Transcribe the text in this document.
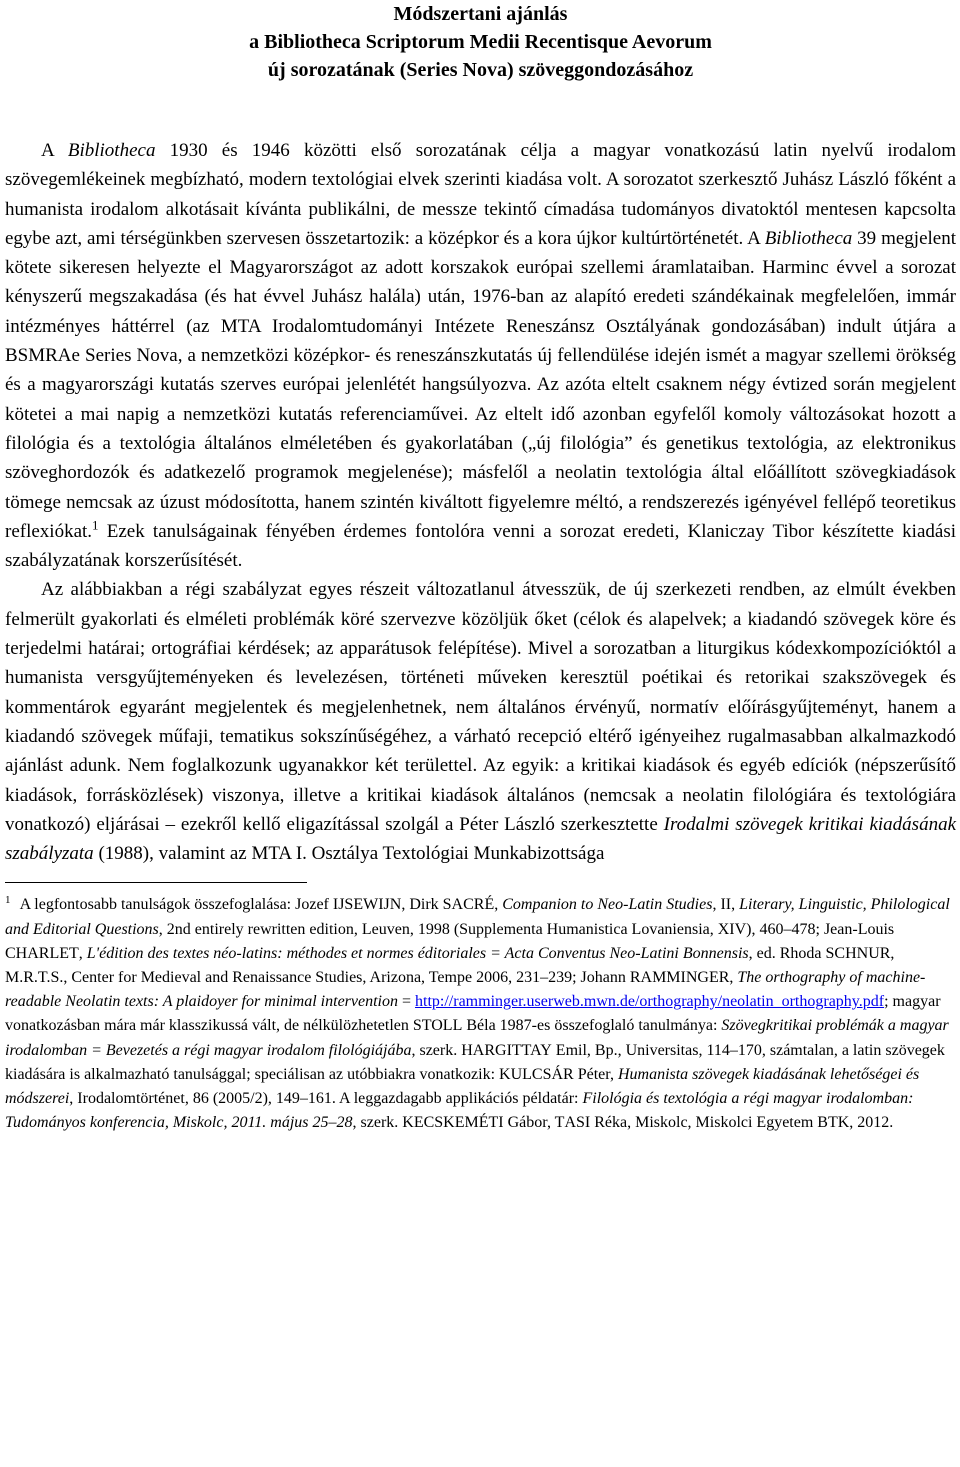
Módszertani ajánlás

a Bibliotheca Scriptorum Medii Recentisque Aevorum

új sorozatának (Series Nova) szöveggondozásához

A Bibliotheca 1930 és 1946 közötti első sorozatának célja a magyar vonatkozású latin nyelvű irodalom szövegemlékeinek megbízható, modern textológiai elvek szerinti kiadása volt. A sorozatot szerkesztő Juhász László főként a humanista irodalom alkotásait kívánta publikálni, de messze tekintő címadása tudományos divatoktól mentesen kapcsolta egybe azt, ami térségünkben szervesen összetartozik: a középkor és a kora újkor kultúrtörténetét. A Bibliotheca 39 megjelent kötete sikeresen helyezte el Magyarországot az adott korszakok európai szellemi áramlataiban. Harminc évvel a sorozat kényszerű megszakadása (és hat évvel Juhász halála) után, 1976-ban az alapító eredeti szándékainak megfelelően, immár intézményes háttérrel (az MTA Irodalomtudományi Intézete Reneszánsz Osztályának gondozásában) indult útjára a BSMRAe Series Nova, a nemzetközi középkor- és reneszánszkutatás új fellendülése idején ismét a magyar szellemi örökség és a magyarországi kutatás szerves európai jelenlétét hangsúlyozva. Az azóta eltelt csaknem négy évtized során megjelent kötetei a mai napig a nemzetközi kutatás referenciaművei. Az eltelt idő azonban egyfelől komoly változásokat hozott a filológia és a textológia általános elméletében és gyakorlatában („új filológia” és genetikus textológia, az elektronikus szöveghordozók és adatkezelő programok megjelenése); másfelől a neolatin textológia által előállított szövegkiadások tömege nemcsak az úzust módosította, hanem szintén kiváltott figyelemre méltó, a rendszerezés igényével fellépő teoretikus reflexiókat.$^1$ Ezek tanulságainak fényében érdemes fontolóra venni a sorozat eredeti, Klaniczay Tibor készítette kiadási szabályzatának korszerűsítését.

Az alábbiakban a régi szabályzat egyes részeit változatlanul átvesszük, de új szerkezeti rendben, az elmúlt években felmerült gyakorlati és elméleti problémák köré szervezve közöljük őket (célok és alapelvek; a kiadandó szövegek köre és terjedelmi határai; ortográfiai kérdések; az apparátusok felépítése). Mivel a sorozatban a liturgikus kódexkompozícióktól a humanista versgyűjteményeken és levelezésen, történeti műveken keresztül poétikai és retorikai szakszövegek és kommentárok egyaránt megjelentek és megjelenhetnek, nem általános érvényű, normatív előírásgyűjteményt, hanem a kiadandó szövegek műfaji, tematikus sokszínűségéhez, a várható recepció eltérő igényeihez rugalmasabban alkalmazkodó ajánlást adunk. Nem foglalkozunk ugyanakkor két területtel. Az egyik: a kritikai kiadások és egyéb edíciók (népszerűsítő kiadások, forrásközlések) viszonya, illetve a kritikai kiadások általános (nemcsak a neolatin filológiára és textológiára vonatkozó) eljárásai – ezekről kellő eligazítással szolgál a Péter László szerkesztette Irodalmi szövegek kritikai kiadásának szabályzata (1988), valamint az MTA I. Osztálya Textológiai Munkabizottsága

$^1$ A legfontosabb tanulságok összefoglalása: Jozef IJSEWIJN, Dirk SACRÉ, Companion to Neo-Latin Studies, II, Literary, Linguistic, Philological and Editorial Questions, 2nd entirely rewritten edition, Leuven, 1998 (Supplementa Humanistica Lovaniensia, XIV), 460–478; Jean-Louis CHARLET, L'édition des textes néo-latins: méthodes et normes éditoriales = Acta Conventus Neo-Latini Bonnensis, ed. Rhoda SCHNUR, M.R.T.S., Center for Medieval and Renaissance Studies, Arizona, Tempe 2006, 231–239; Johann RAMMINGER, The orthography of machine-readable Neolatin texts: A plaidoyer for minimal intervention = http://ramminger.userweb.mwn.de/orthography/neolatin_orthography.pdf; magyar vonatkozásban mára már klasszikussá vált, de nélkülözhetetlen STOLL Béla 1987-es összefoglaló tanulmánya: Szövegkritikai problémák a magyar irodalomban = Bevezetés a régi magyar irodalom filológiájába, szerk. HARGITTAY Emil, Bp., Universitas, 114–170, számtalan, a latin szövegek kiadására is alkalmazható tanulsággal; speciálisan az utóbbiakra vonatkozik: KULCSÁR Péter, Humanista szövegek kiadásának lehetőségei és módszerei, Irodalomtörténet, 86 (2005/2), 149–161. A leggazdagabb applikációs példatár: Filológia és textológia a régi magyar irodalomban: Tudományos konferencia, Miskolc, 2011. május 25–28, szerk. KECSKEMÉTI Gábor, TASI Réka, Miskolc, Miskolci Egyetem BTK, 2012.
